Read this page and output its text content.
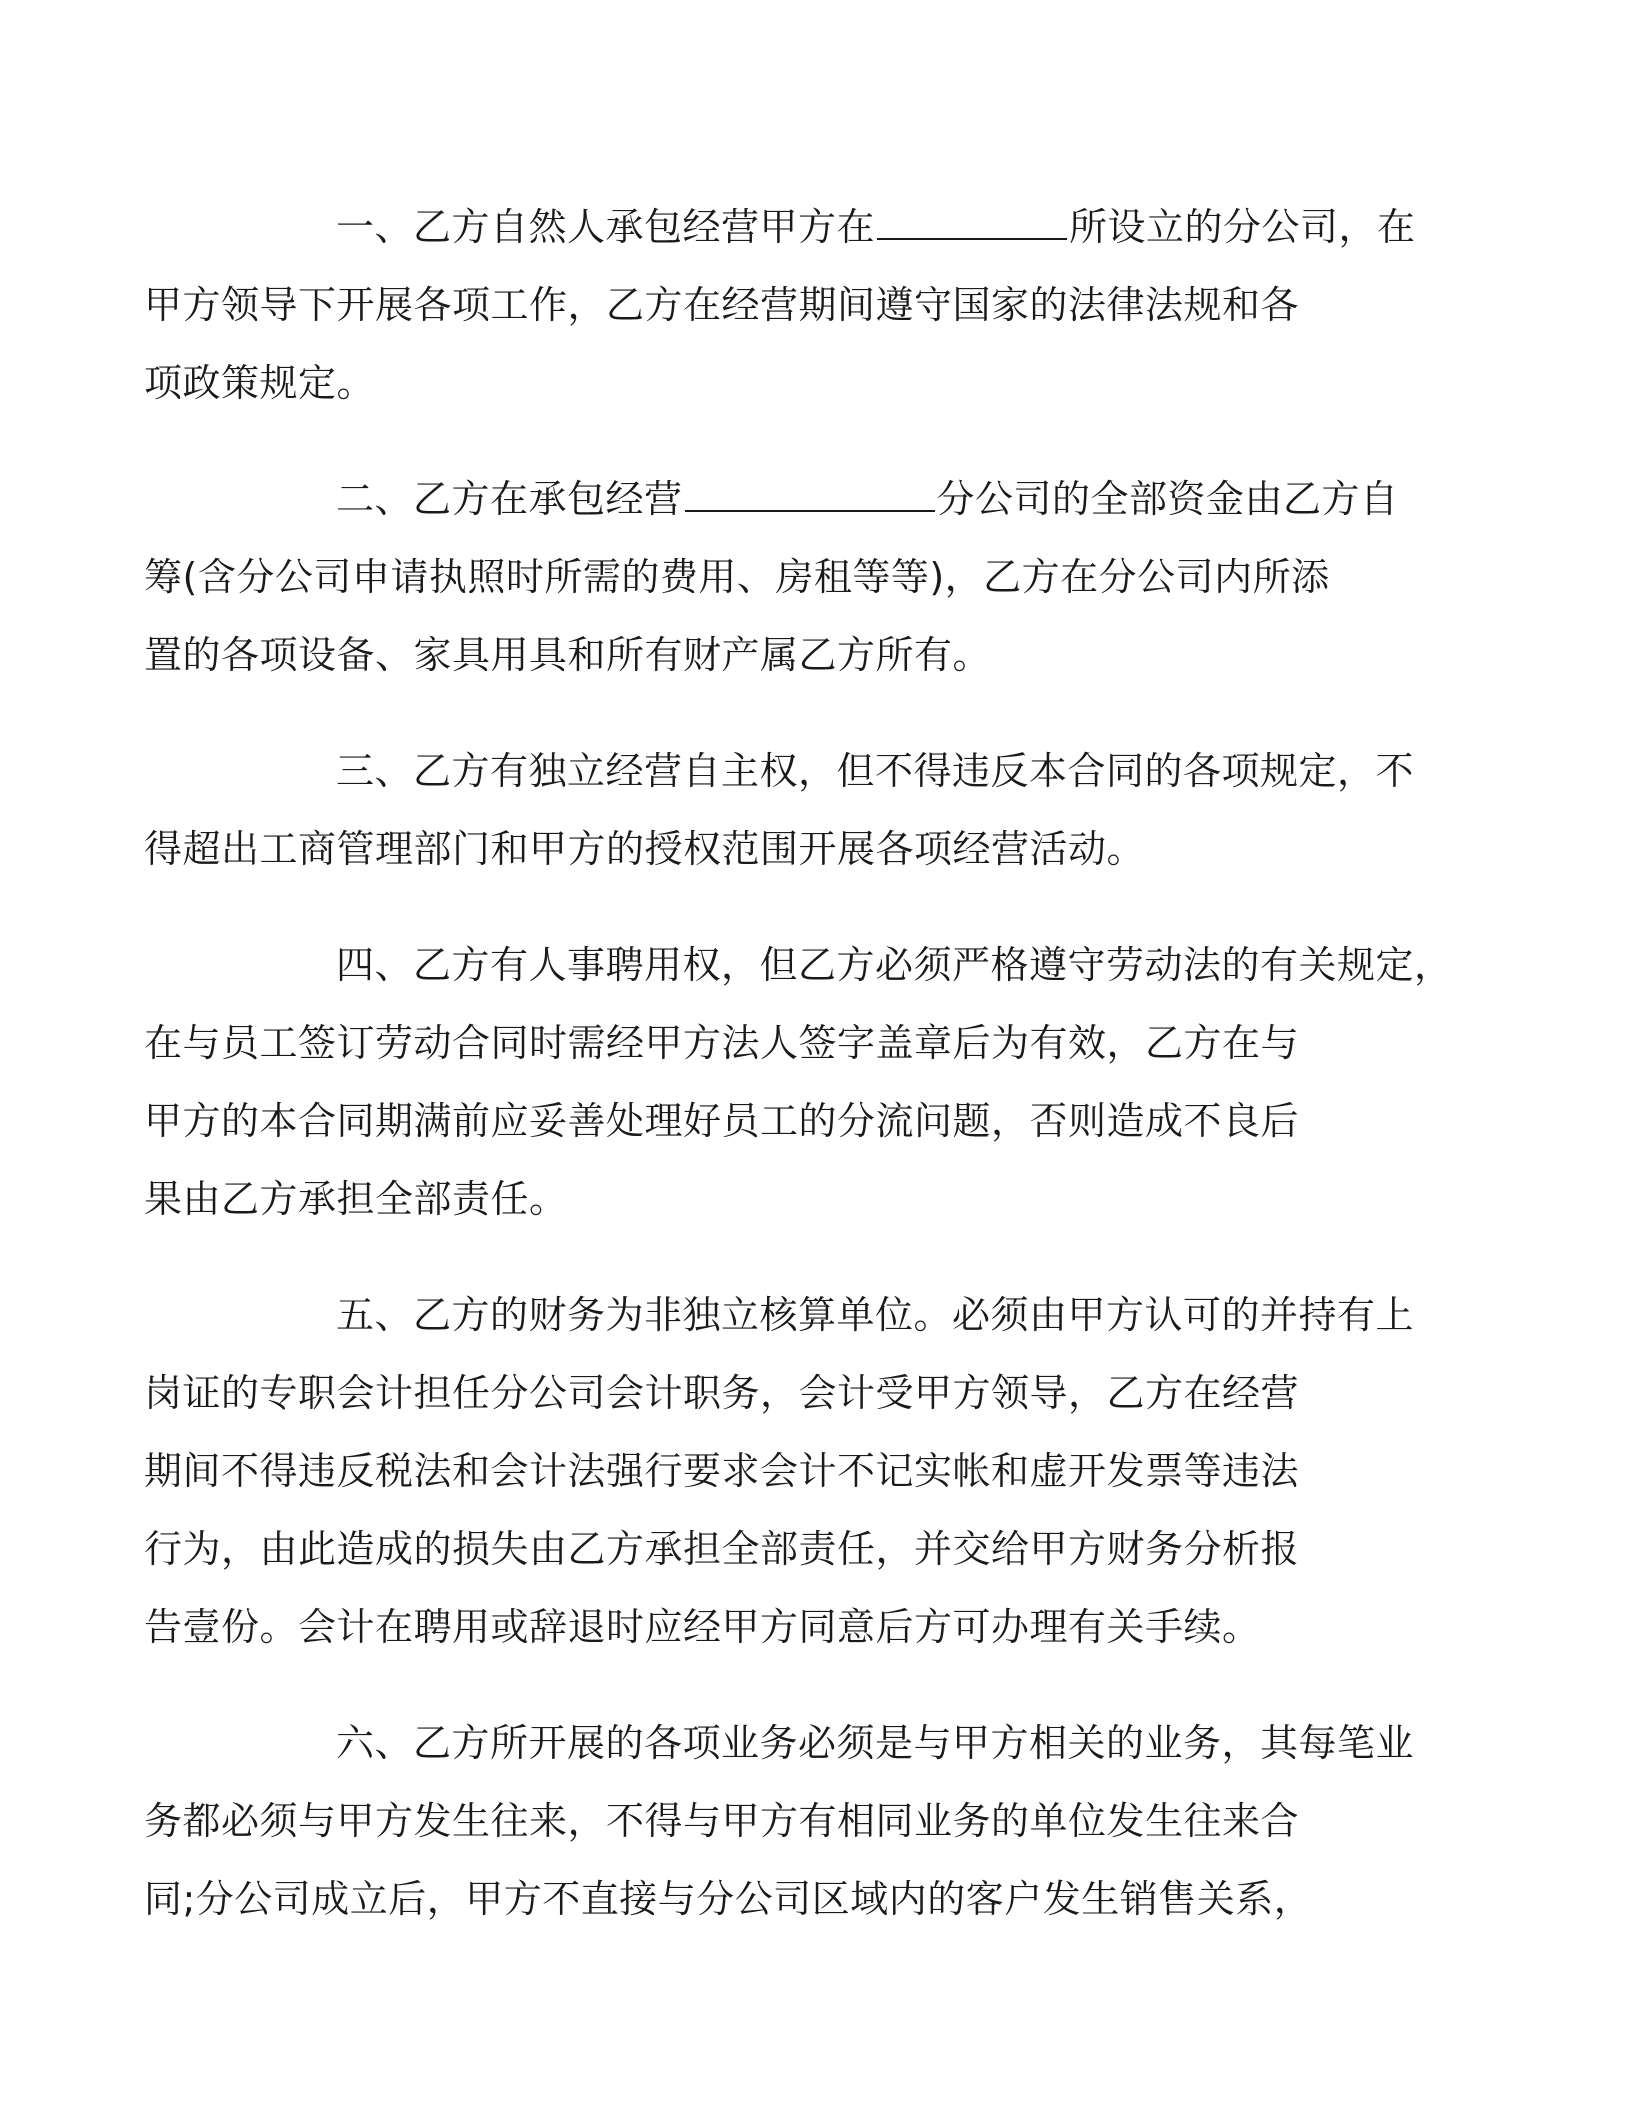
一、乙方自然人承包经营甲方在	所设立的分公司，在
甲方领导下开展各项工作，乙方在经营期间遵守国家的法律法规和各
项政策规定。
二、乙方在承包经营	分公司的全部资金由乙方自
筹(含分公司申请执照时所需的费用、房租等等)，乙方在分公司内所添
置的各项设备、家具用具和所有财产属乙方所有。
三、乙方有独立经营自主权，但不得违反本合同的各项规定，不
得超出工商管理部门和甲方的授权范围开展各项经营活动。
四、乙方有人事聘用权，但乙方必须严格遵守劳动法的有关规定，
在与员工签订劳动合同时需经甲方法人签字盖章后为有效，乙方在与
甲方的本合同期满前应妥善处理好员工的分流问题，否则造成不良后
果由乙方承担全部责任。
五、乙方的财务为非独立核算单位。必须由甲方认可的并持有上
岗证的专职会计担任分公司会计职务，会计受甲方领导，乙方在经营
期间不得违反税法和会计法强行要求会计不记实帐和虚开发票等违法
行为，由此造成的损失由乙方承担全部责任，并交给甲方财务分析报
告壹份。会计在聘用或辞退时应经甲方同意后方可办理有关手续。
六、乙方所开展的各项业务必须是与甲方相关的业务，其每笔业
务都必须与甲方发生往来，不得与甲方有相同业务的单位发生往来合
同;分公司成立后，甲方不直接与分公司区域内的客户发生销售关系，
